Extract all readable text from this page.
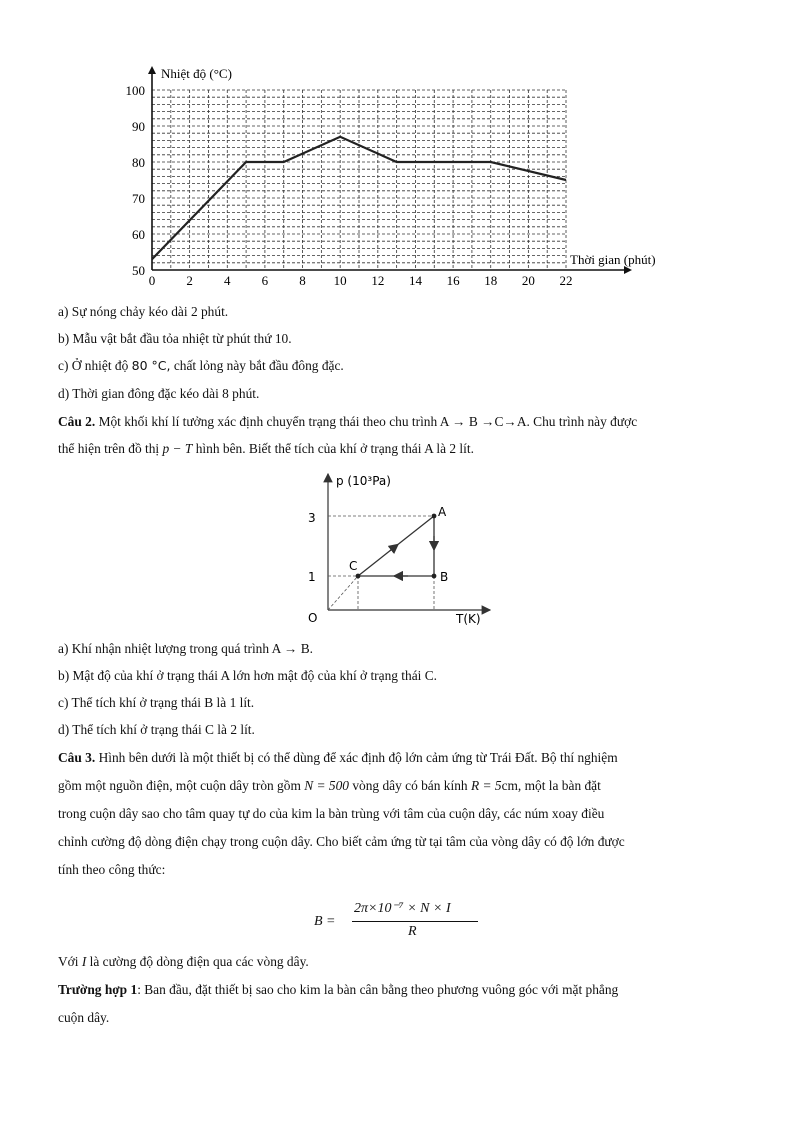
50
60
70
80
90
100
0 2 4 6 8 10 12 14 16 18 20 22
Nhiệt độ (°C)
Thời gian (phút)
a) Sự nóng chảy kéo dài 2 phút.
b) Mẫu vật bắt đầu tỏa nhiệt từ phút thứ 10.
c) Ở nhiệt độ 80 °C, chất lỏng này bắt đầu đông đặc.
d) Thời gian đông đặc kéo dài 8 phút.
Câu 2. Một khối khí lí tưởng xác định chuyển trạng thái theo chu trình A → B →C→A. Chu trình này được
thể hiện trên đồ thị p − T hình bên. Biết thể tích của khí ở trạng thái A là 2 lít.
p (10³Pa)
T(K)
O
3
1
A
B
C
a) Khí nhận nhiệt lượng trong quá trình A → B.
b) Mật độ của khí ở trạng thái A lớn hơn mật độ của khí ở trạng thái C.
c) Thể tích khí ở trạng thái B là 1 lít.
d) Thể tích khí ở trạng thái C là 2 lít.
Câu 3. Hình bên dưới là một thiết bị có thể dùng để xác định độ lớn cảm ứng từ Trái Đất. Bộ thí nghiệm
gồm một nguồn điện, một cuộn dây tròn gồm N = 500 vòng dây có bán kính R = 5cm, một la bàn đặt
trong cuộn dây sao cho tâm quay tự do của kim la bàn trùng với tâm của cuộn dây, các núm xoay điều
chỉnh cường độ dòng điện chạy trong cuộn dây. Cho biết cảm ứng từ tại tâm của vòng dây có độ lớn được
tính theo công thức:
B =
2π×10⁻⁷ × N × I
R
Với I là cường độ dòng điện qua các vòng dây.
Trường hợp 1: Ban đầu, đặt thiết bị sao cho kim la bàn cân bằng theo phương vuông góc với mặt phẳng
cuộn dây.
